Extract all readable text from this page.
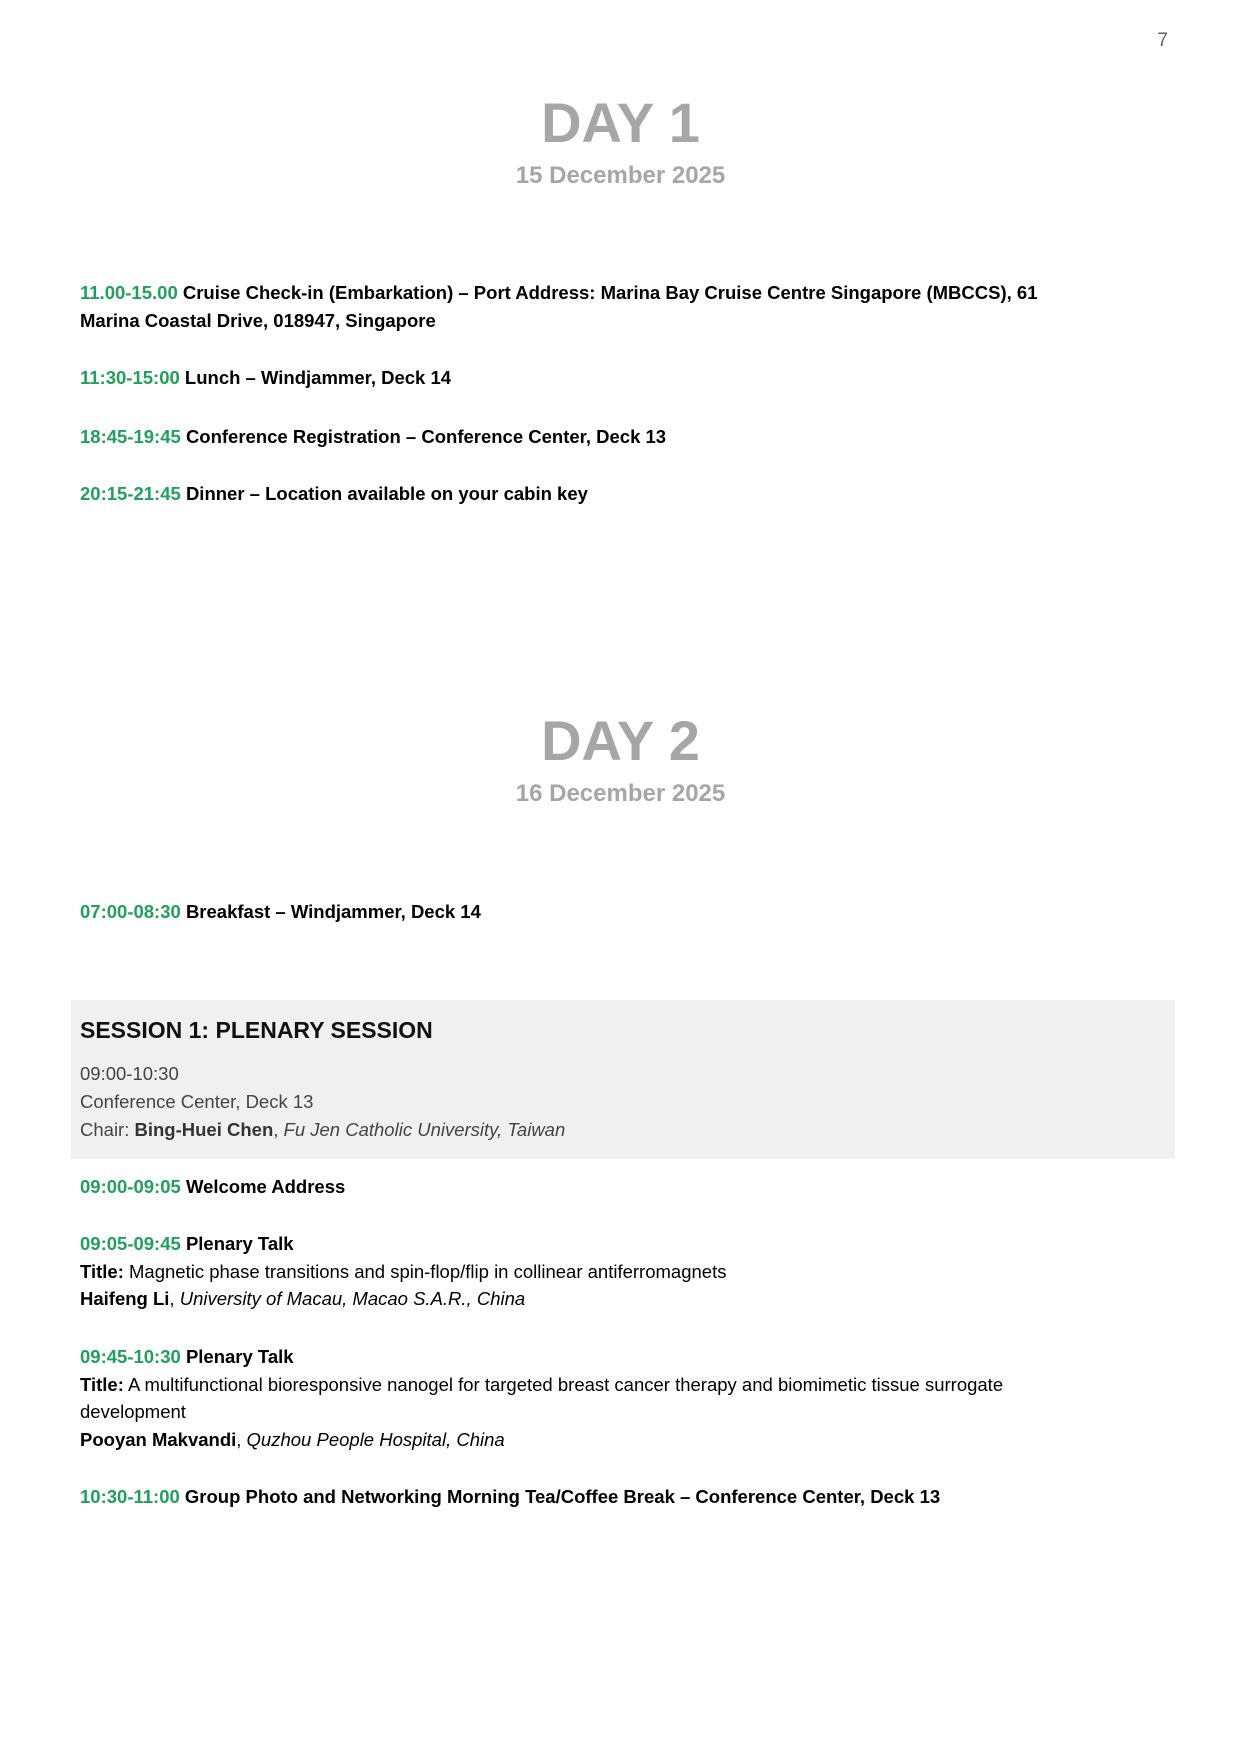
7
DAY 1
15 December 2025
11.00-15.00 Cruise Check-in (Embarkation) – Port Address: Marina Bay Cruise Centre Singapore (MBCCS), 61
Marina Coastal Drive, 018947, Singapore
11:30-15:00 Lunch – Windjammer, Deck 14
18:45-19:45 Conference Registration – Conference Center, Deck 13
20:15-21:45 Dinner – Location available on your cabin key
DAY 2
16 December 2025
07:00-08:30 Breakfast – Windjammer, Deck 14
SESSION 1: PLENARY SESSION
09:00-10:30
Conference Center, Deck 13
Chair: Bing-Huei Chen, Fu Jen Catholic University, Taiwan
09:00-09:05 Welcome Address
09:05-09:45 Plenary Talk
Title: Magnetic phase transitions and spin-flop/flip in collinear antiferromagnets
Haifeng Li, University of Macau, Macao S.A.R., China
09:45-10:30 Plenary Talk
Title: A multifunctional bioresponsive nanogel for targeted breast cancer therapy and biomimetic tissue surrogate
development
Pooyan Makvandi, Quzhou People Hospital, China
10:30-11:00 Group Photo and Networking Morning Tea/Coffee Break – Conference Center, Deck 13
